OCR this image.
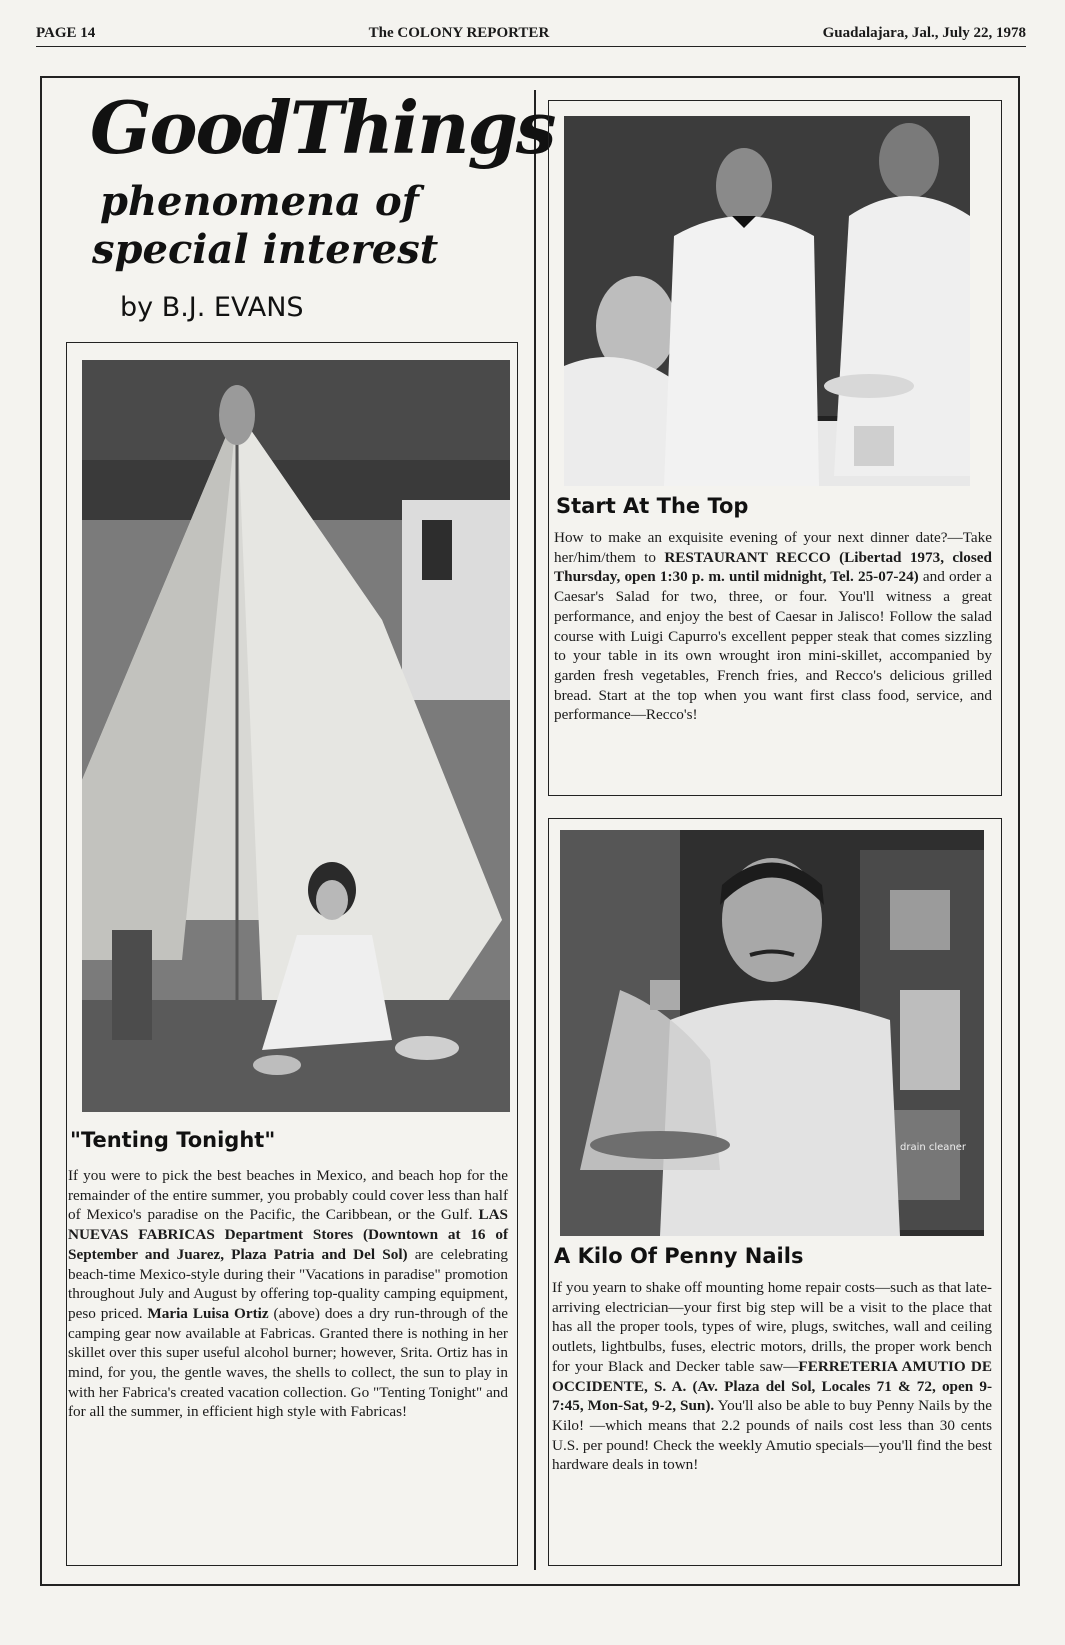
PAGE 14	The COLONY REPORTER	Guadalajara, Jal., July 22, 1978
GoodThings
phenomena of
special interest
by B.J. EVANS
"Tenting Tonight"
If you were to pick the best beaches in Mexico, and beach hop for the remainder of the entire summer, you probably could cover less than half of Mexico's paradise on the Pacific, the Caribbean, or the Gulf. LAS NUEVAS FABRICAS Department Stores (Downtown at 16 of September and Juarez, Plaza Patria and Del Sol) are celebrating beach-time Mexico-style during their "Vacations in paradise" promotion throughout July and August by offering top-quality camping equipment, peso priced. Maria Luisa Ortiz (above) does a dry run-through of the camping gear now available at Fabricas. Granted there is nothing in her skillet over this super useful alcohol burner; however, Srita. Ortiz has in mind, for you, the gentle waves, the shells to collect, the sun to play in with her Fabrica's created vacation collection. Go "Tenting Tonight" and for all the summer, in efficient high style with Fabricas!
Start At The Top
How to make an exquisite evening of your next dinner date?—Take her/him/them to RESTAURANT RECCO (Libertad 1973, closed Thursday, open 1:30 p. m. until midnight, Tel. 25-07-24) and order a Caesar's Salad for two, three, or four. You'll witness a great performance, and enjoy the best of Caesar in Jalisco! Follow the salad course with Luigi Capurro's excellent pepper steak that comes sizzling to your table in its own wrought iron mini-skillet, accompanied by garden fresh vegetables, French fries, and Recco's delicious grilled bread. Start at the top when you want first class food, service, and performance—Recco's!
drain cleaner
A Kilo Of Penny Nails
If you yearn to shake off mounting home repair costs—such as that late-arriving electrician—your first big step will be a visit to the place that has all the proper tools, types of wire, plugs, switches, wall and ceiling outlets, lightbulbs, fuses, electric motors, drills, the proper work bench for your Black and Decker table saw—FERRETERIA AMUTIO DE OCCIDENTE, S. A. (Av. Plaza del Sol, Locales 71 & 72, open 9-7:45, Mon-Sat, 9-2, Sun). You'll also be able to buy Penny Nails by the Kilo! —which means that 2.2 pounds of nails cost less than 30 cents U.S. per pound! Check the weekly Amutio specials—you'll find the best hardware deals in town!
